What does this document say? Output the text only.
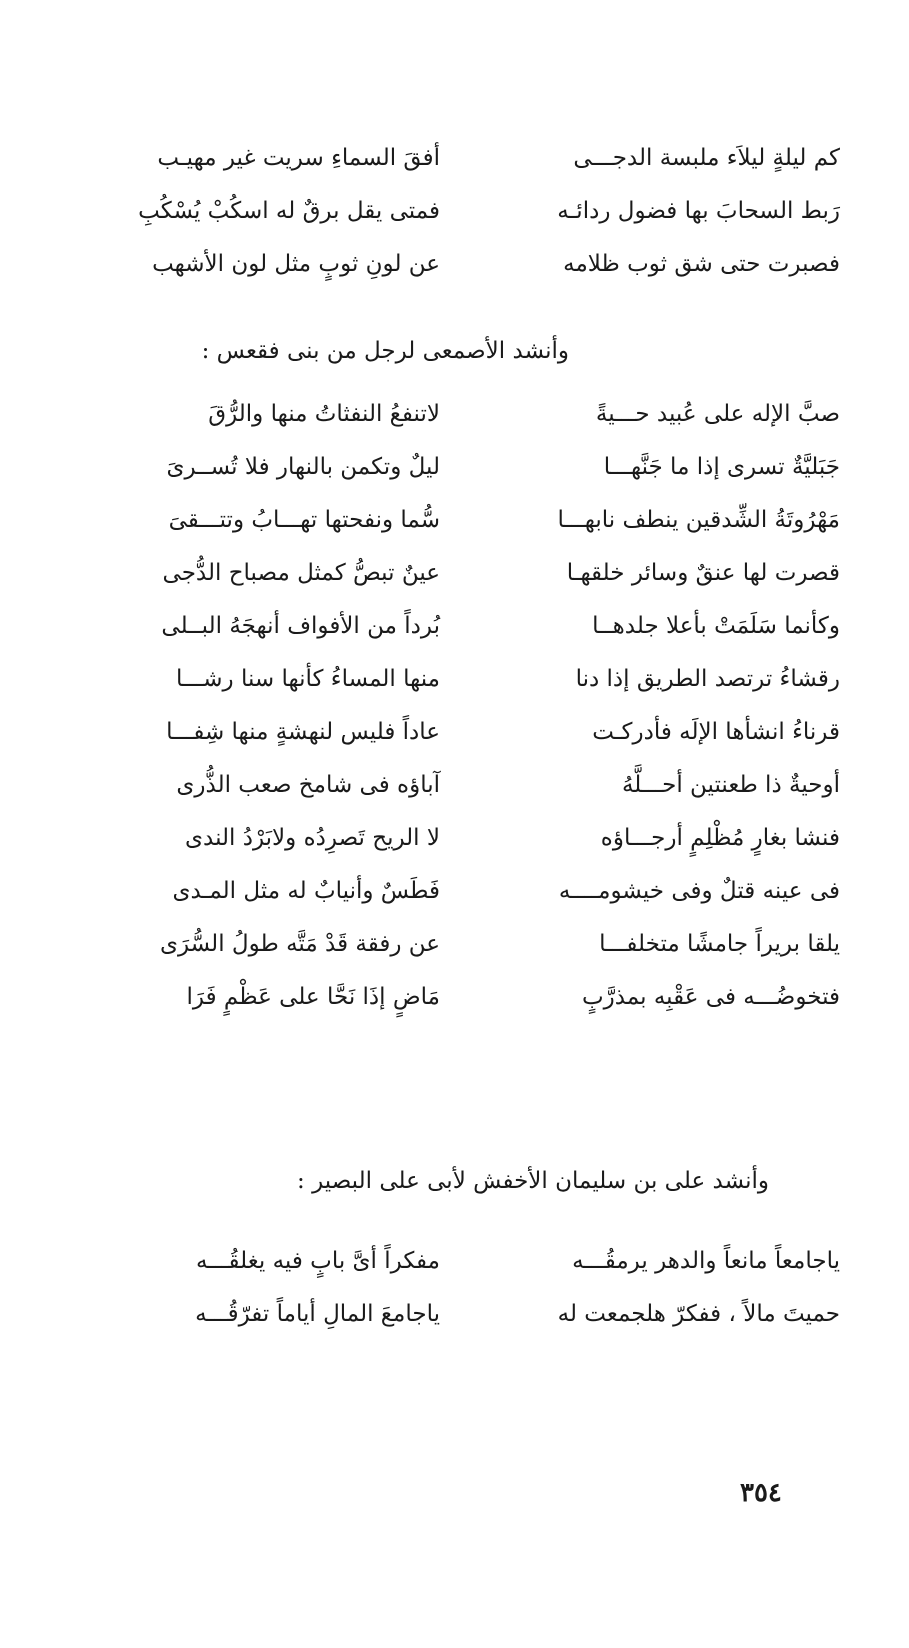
كم ليلةٍ ليلاَء ملبسة الدجـــى
أفقَ السماءِ سريت غير مهيـب
رَبط السحابَ بها فضول ردائـه
فمتى يقل برقٌ له اسكُبْ يُسْكُبِ
فصبرت حتى شق ثوب ظلامه
عن لونِ ثوبٍ مثل لون الأشهب
وأنشد الأصمعى لرجل من بنى فقعس :
صبَّ الإله على عُبيد حـــيةً
لاتنفعُ النفثاتُ منها والرُّقَ
جَبَليَّةٌ تسرى إذا ما جَنَّهـــا
ليلٌ وتكمن بالنهار فلا تُســرىَ
مَهْرُوتَةُ الشِّدقين ينطف نابهـــا
سُّما ونفحتها تهـــابُ وتتـــقىَ
قصرت لها عنقٌ وسائر خلقهـا
عينٌ تبصُّ كمثل مصباح الدُّجى
وكأنما سَلَمَتْ بأعلا جلدهــا
بُرداً من الأفواف أنهجَهُ البــلى
رقشاءُ ترتصد الطريق إذا دنا
منها المساءُ كأنها سنا رشـــا
قرناءُ انشأها الإلَه فأدركـت
عاداً فليس لنهشةٍ منها شِفـــا
أوحيةٌ ذا طعنتين أحـــلَّهُ
آباؤه فى شامخ صعب الذُّرى
فنشا بغارٍ مُظْلِمٍ أرجـــاؤه
لا الريح تَصرِدُه ولابَرْدُ الندى
فى عينه قتلٌ وفى خيشومــــه
فَطَسٌ وأنيابٌ له مثل المـدى
يلقا بريراً جامشًا متخلفـــا
عن رفقة قَدْ مَتَّه طولُ السُّرَى
فتخوضُـــه فى عَقْبِه بمذرَّبٍ
مَاضٍ إذَا نَحَّا على عَظْمٍ فَرَا
وأنشد على بن سليمان الأخفش لأبى على البصير :
ياجامعاً مانعاً والدهر يرمقُـــه
مفكراً أىَّ بابٍ فيه يغلقُـــه
حميتَ مالاً ، ففكرّ هلجمعت له
ياجامعَ المالِ أياماً تفرّقُـــه
٣٥٤
